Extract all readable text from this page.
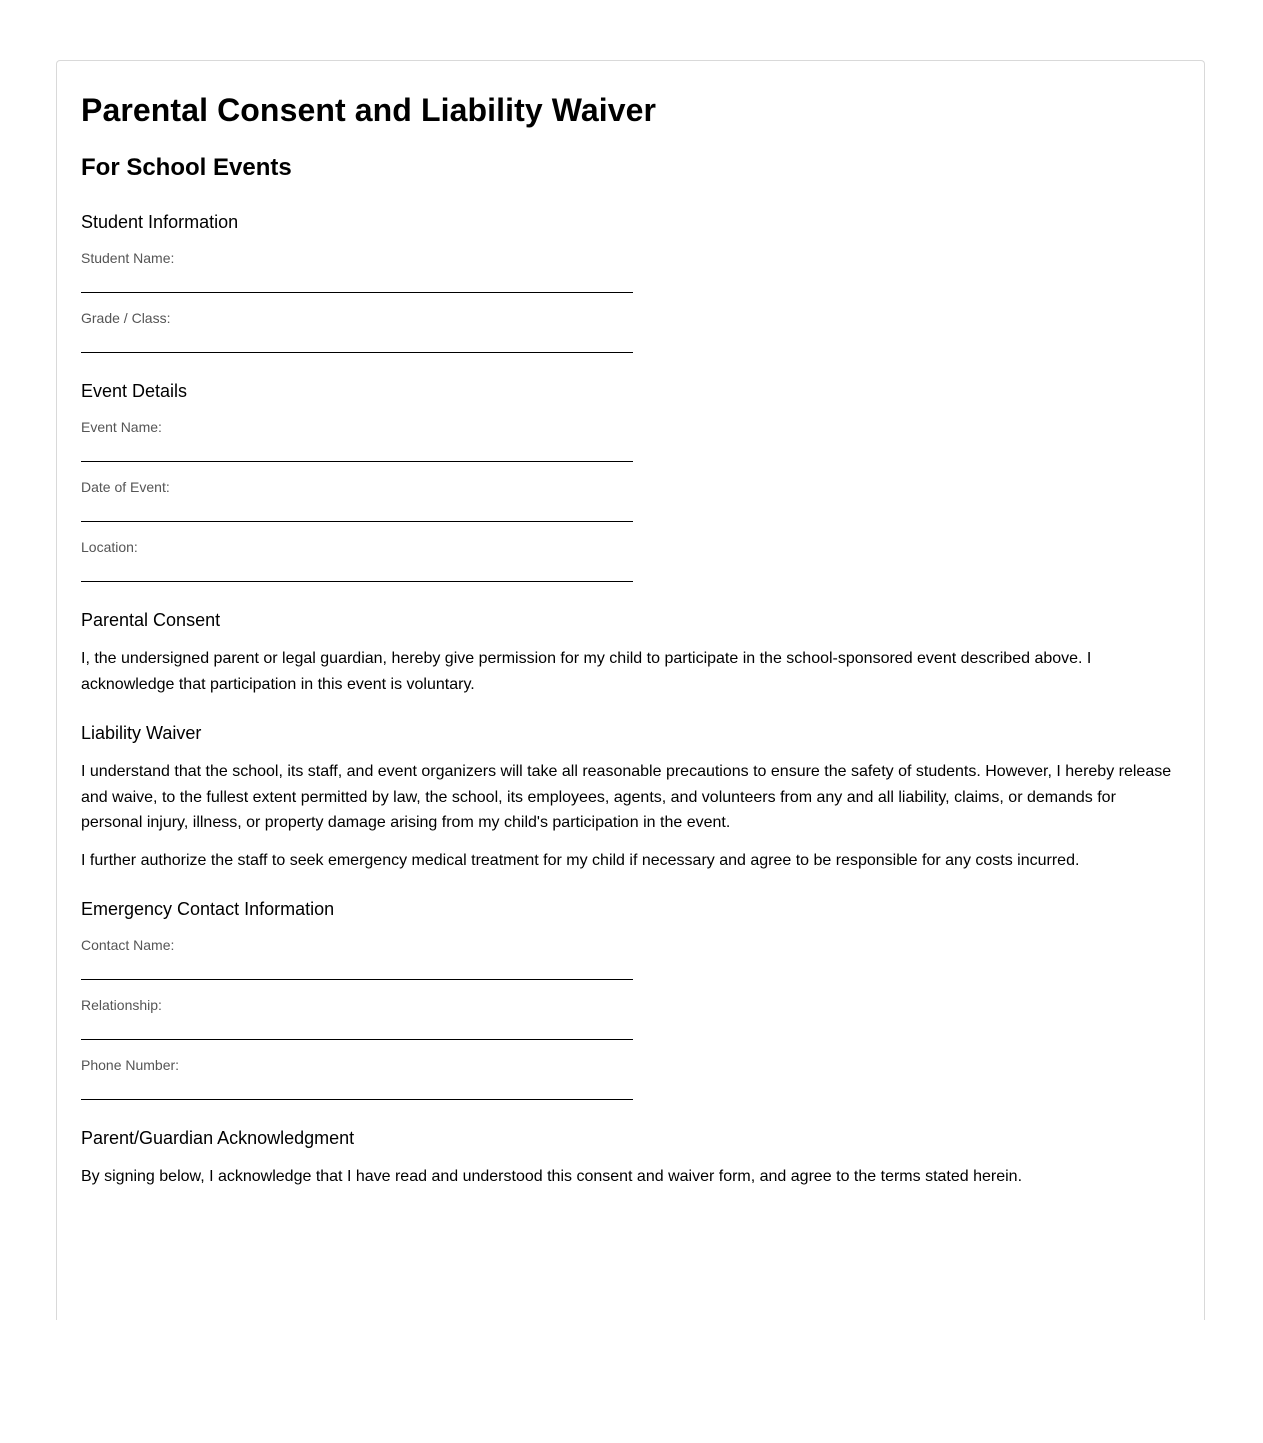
Parental Consent and Liability Waiver
For School Events
Student Information
Student Name:
Grade / Class:
Event Details
Event Name:
Date of Event:
Location:
Parental Consent

I, the undersigned parent or legal guardian, hereby give permission for my child to participate in the school-sponsored event described above. I acknowledge that participation in this event is voluntary.

Liability Waiver

I understand that the school, its staff, and event organizers will take all reasonable precautions to ensure the safety of students. However, I hereby release and waive, to the fullest extent permitted by law, the school, its employees, agents, and volunteers from any and all liability, claims, or demands for personal injury, illness, or property damage arising from my child's participation in the event.

I further authorize the staff to seek emergency medical treatment for my child if necessary and agree to be responsible for any costs incurred.

Emergency Contact Information
Contact Name:
Relationship:
Phone Number:
Parent/Guardian Acknowledgment

By signing below, I acknowledge that I have read and understood this consent and waiver form, and agree to the terms stated herein.
